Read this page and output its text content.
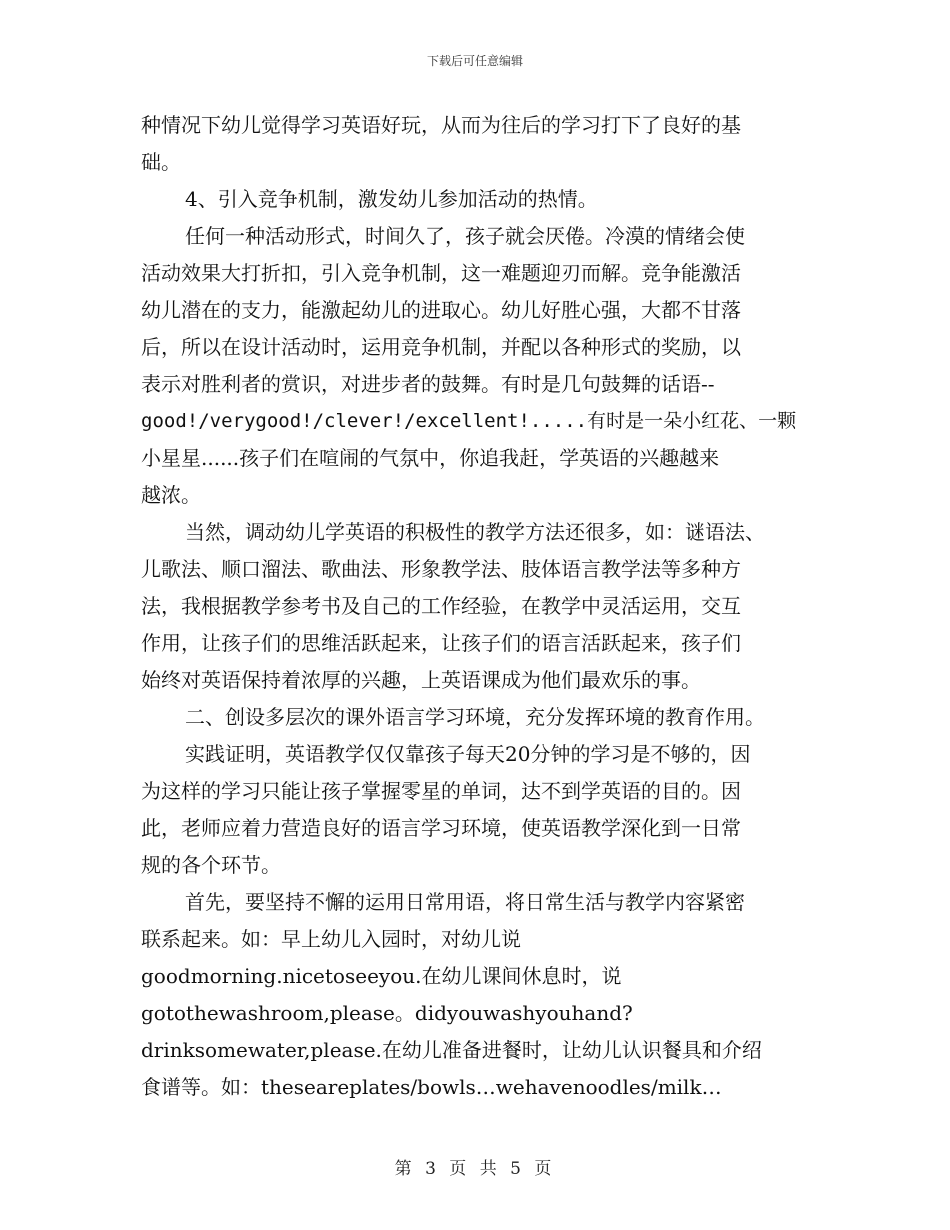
下载后可任意编辑
种情况下幼儿觉得学习英语好玩，从而为往后的学习打下了良好的基
础。
4、引入竞争机制，激发幼儿参加活动的热情。
任何一种活动形式，时间久了，孩子就会厌倦。冷漠的情绪会使
活动效果大打折扣，引入竞争机制，这一难题迎刃而解。竞争能激活
幼儿潜在的支力，能激起幼儿的进取心。幼儿好胜心强，大都不甘落
后，所以在设计活动时，运用竞争机制，并配以各种形式的奖励，以
表示对胜利者的赏识，对进步者的鼓舞。有时是几句鼓舞的话语--
good!/verygood!/clever!/excellent!.....有时是一朵小红花、一颗
小星星......孩子们在喧闹的气氛中，你追我赶，学英语的兴趣越来
越浓。
当然，调动幼儿学英语的积极性的教学方法还很多，如：谜语法、
儿歌法、顺口溜法、歌曲法、形象教学法、肢体语言教学法等多种方
法，我根据教学参考书及自己的工作经验，在教学中灵活运用，交互
作用，让孩子们的思维活跃起来，让孩子们的语言活跃起来，孩子们
始终对英语保持着浓厚的兴趣，上英语课成为他们最欢乐的事。
二、创设多层次的课外语言学习环境，充分发挥环境的教育作用。
实践证明，英语教学仅仅靠孩子每天20分钟的学习是不够的，因
为这样的学习只能让孩子掌握零星的单词，达不到学英语的目的。因
此，老师应着力营造良好的语言学习环境，使英语教学深化到一日常
规的各个环节。
首先，要坚持不懈的运用日常用语，将日常生活与教学内容紧密
联系起来。如：早上幼儿入园时，对幼儿说
goodmorning.nicetoseeyou.在幼儿课间休息时，说
gotothewashroom,please。didyouwashyouhand?
drinksomewater,please.在幼儿准备进餐时，让幼儿认识餐具和介绍
食谱等。如：theseareplates/bowls…wehavenoodles/milk…
第 3 页 共 5 页
